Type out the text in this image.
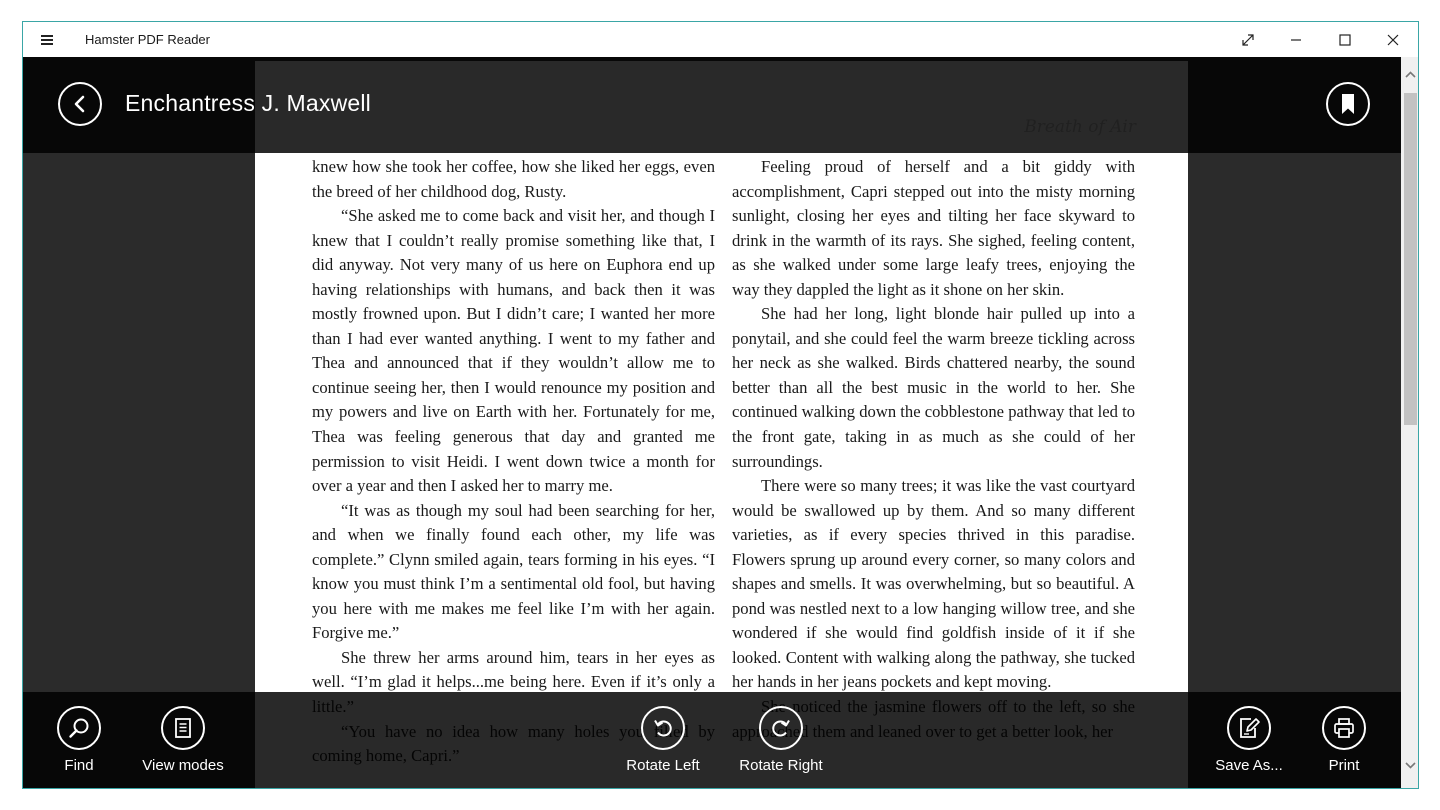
Hamster PDF Reader

knew how she took her coffee, how she liked her eggs, even the breed of her childhood dog, Rusty.

“She asked me to come back and visit her, and though I knew that I couldn’t really promise something like that, I did anyway. Not very many of us here on Euphora end up having relationships with humans, and back then it was mostly frowned upon. But I didn’t care; I wanted her more than I had ever wanted anything. I went to my father and Thea and announced that if they wouldn’t allow me to continue seeing her, then I would renounce my position and my powers and live on Earth with her. Fortunately for me, Thea was feeling generous that day and granted me permission to visit Heidi. I went down twice a month for over a year and then I asked her to marry me.

“It was as though my soul had been searching for her, and when we finally found each other, my life was complete.” Clynn smiled again, tears forming in his eyes. “I know you must think I’m a sentimental old fool, but having you here with me makes me feel like I’m with her again. Forgive me.”

She threw her arms around him, tears in her eyes as well. “I’m glad it helps...me being here. Even if it’s only a

Feeling proud of herself and a bit giddy with accomplishment, Capri stepped out into the misty morning sunlight, closing her eyes and tilting her face skyward to drink in the warmth of its rays. She sighed, feeling content, as she walked under some large leafy trees, enjoying the way they dappled the light as it shone on her skin.

She had her long, light blonde hair pulled up into a ponytail, and she could feel the warm breeze tickling across her neck as she walked. Birds chattered nearby, the sound better than all the best music in the world to her. She continued walking down the cobblestone pathway that led to the front gate, taking in as much as she could of her surroundings.

There were so many trees; it was like the vast courtyard would be swallowed up by them. And so many different varieties, as if every species thrived in this paradise. Flowers sprung up around every corner, so many colors and shapes and smells. It was overwhelming, but so beautiful. A pond was nestled next to a low hanging willow tree, and she wondered if she would find goldfish inside of it if she looked. Content with walking along the pathway, she tucked her hands in her jeans pockets and kept moving.

Enchantress J. Maxwell
Find	View modes	Rotate Left	Rotate Right	Save As...	Print
